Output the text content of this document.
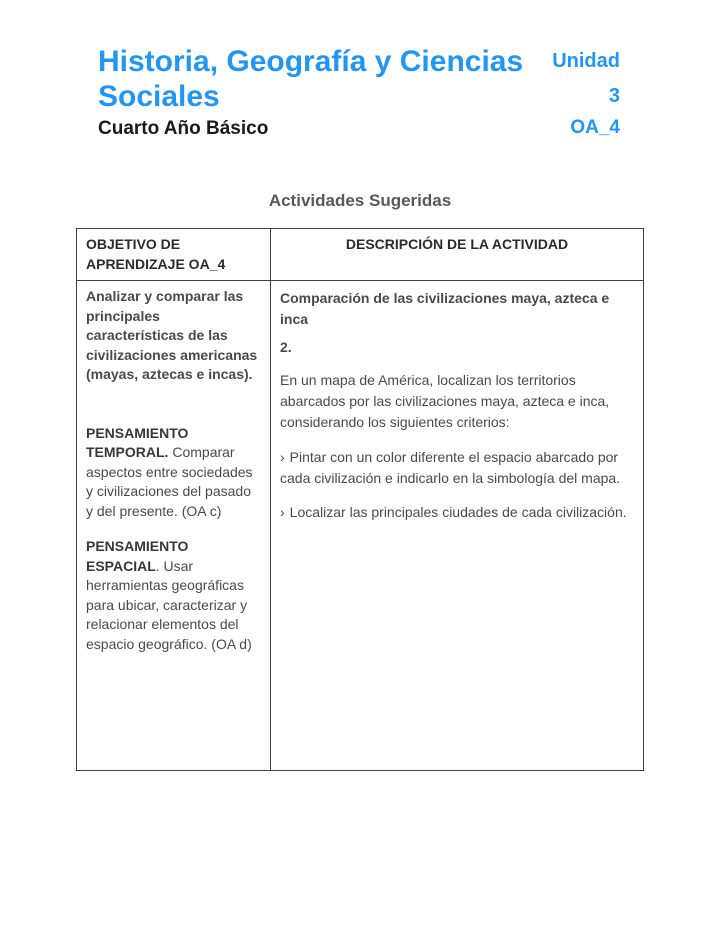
Historia, Geografía y Ciencias Sociales
Cuarto Año Básico
Unidad 3
OA_4
Actividades Sugeridas
OBJETIVO DE APRENDIZAJE OA_4
DESCRIPCIÓN DE LA ACTIVIDAD

Analizar y comparar las principales características de las civilizaciones americanas (mayas, aztecas e incas).

PENSAMIENTO TEMPORAL. Comparar aspectos entre sociedades y civilizaciones del pasado y del presente. (OA c)

PENSAMIENTO ESPACIAL. Usar herramientas geográficas para ubicar, caracterizar y relacionar elementos del espacio geográfico. (OA d)

Comparación de las civilizaciones maya, azteca e inca

2.

En un mapa de América, localizan los territorios abarcados por las civilizaciones maya, azteca e inca, considerando los siguientes criterios:

› Pintar con un color diferente el espacio abarcado por cada civilización e indicarlo en la simbología del mapa.

› Localizar las principales ciudades de cada civilización.
